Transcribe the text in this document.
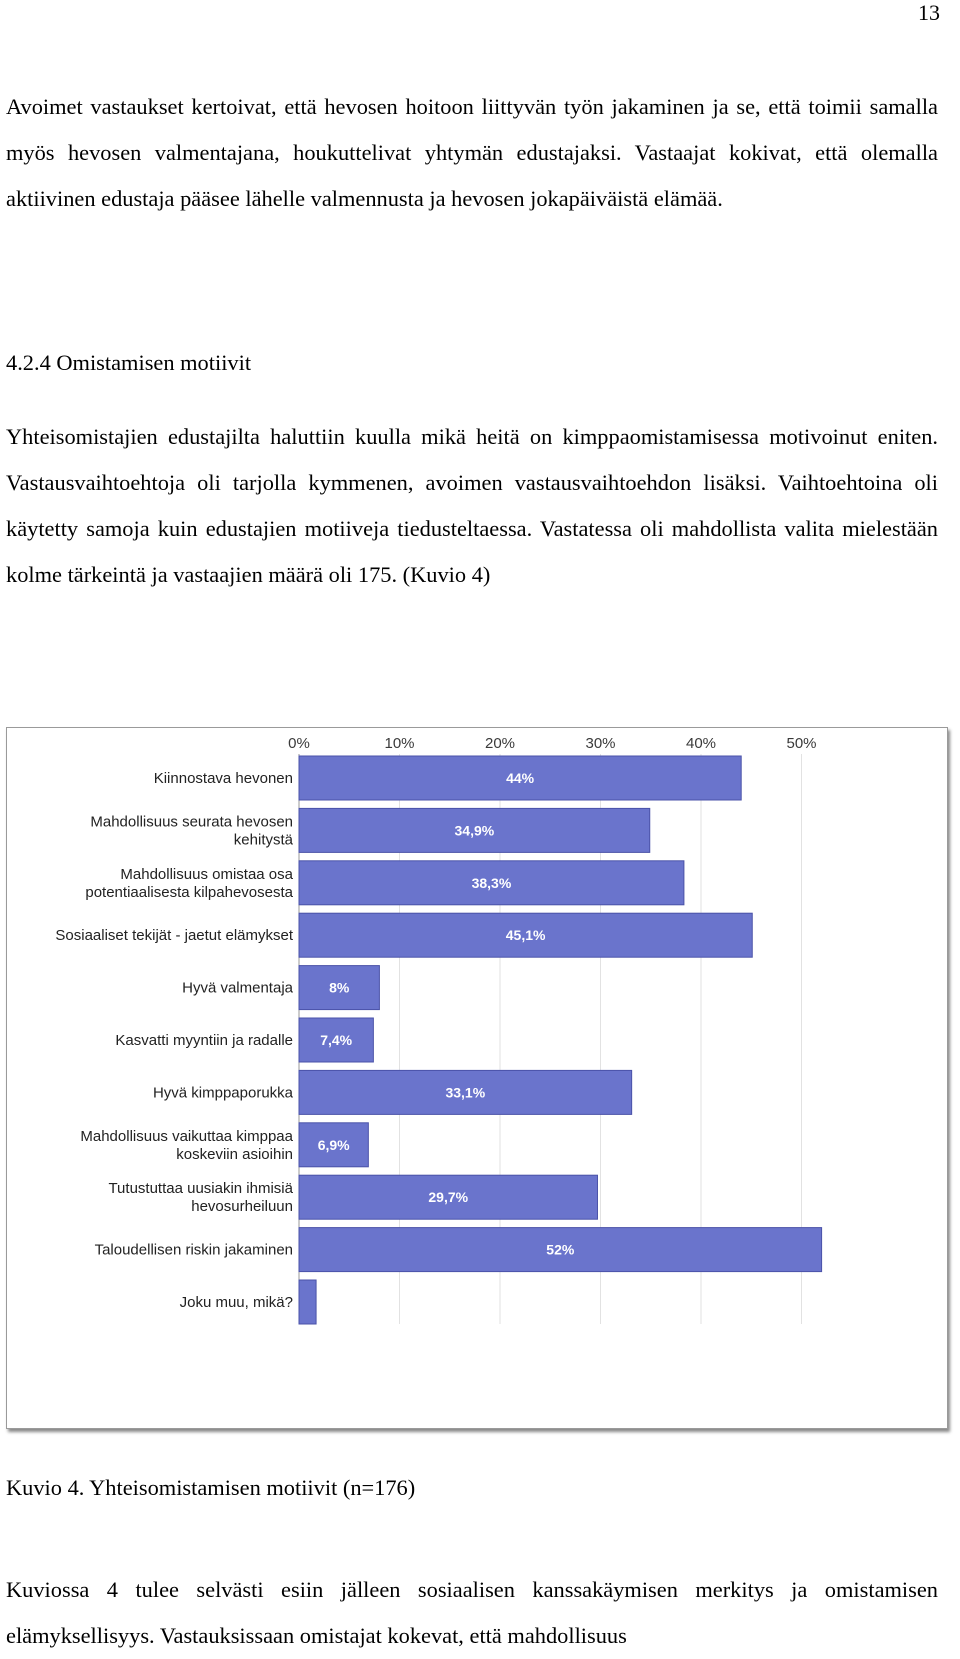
13

Avoimet vastaukset kertoivat, että hevosen hoitoon liittyvän työn jakaminen ja se, että toimii samalla myös hevosen valmentajana, houkuttelivat yhtymän edustajaksi. Vastaajat kokivat, että olemalla aktiivinen edustaja pääsee lähelle valmennusta ja hevosen jokapäiväistä elämää.

4.2.4 Omistamisen motiivit

Yhteisomistajien edustajilta haluttiin kuulla mikä heitä on kimppaomistamisessa motivoinut eniten. Vastausvaihtoehtoja oli tarjolla kymmenen, avoimen vastausvaihtoehdon lisäksi. Vaihtoehtoina oli käytetty samoja kuin edustajien motiiveja tiedusteltaessa. Vastatessa oli mahdollista valita mielestään kolme tärkeintä ja vastaajien määrä oli 175. (Kuvio 4)

0%	10%	20%	30%	40%	50%
Kiinnostava hevonen	44%
Mahdollisuus seurata hevosen
kehitystä
34,9%
Mahdollisuus omistaa osa
potentiaalisesta kilpahevosesta
38,3%
Sosiaaliset tekijät - jaetut elämykset	45,1%
Hyvä valmentaja	8%
Kasvatti myyntiin ja radalle 7,4%
Hyvä kimppaporukka	33,1%
Mahdollisuus vaikuttaa kimppaa
koskeviin asioihin
6,9%
Tutustuttaa uusiakin ihmisiä
hevosurheiluun
29,7%
Taloudellisen riskin jakaminen	52%
Joku muu, mikä?

Kuvio 4. Yhteisomistamisen motiivit (n=176)

Kuviossa 4 tulee selvästi esiin jälleen sosiaalisen kanssakäymisen merkitys ja omistamisen elämyksellisyys. Vastauksissaan omistajat kokevat, että mahdollisuus
